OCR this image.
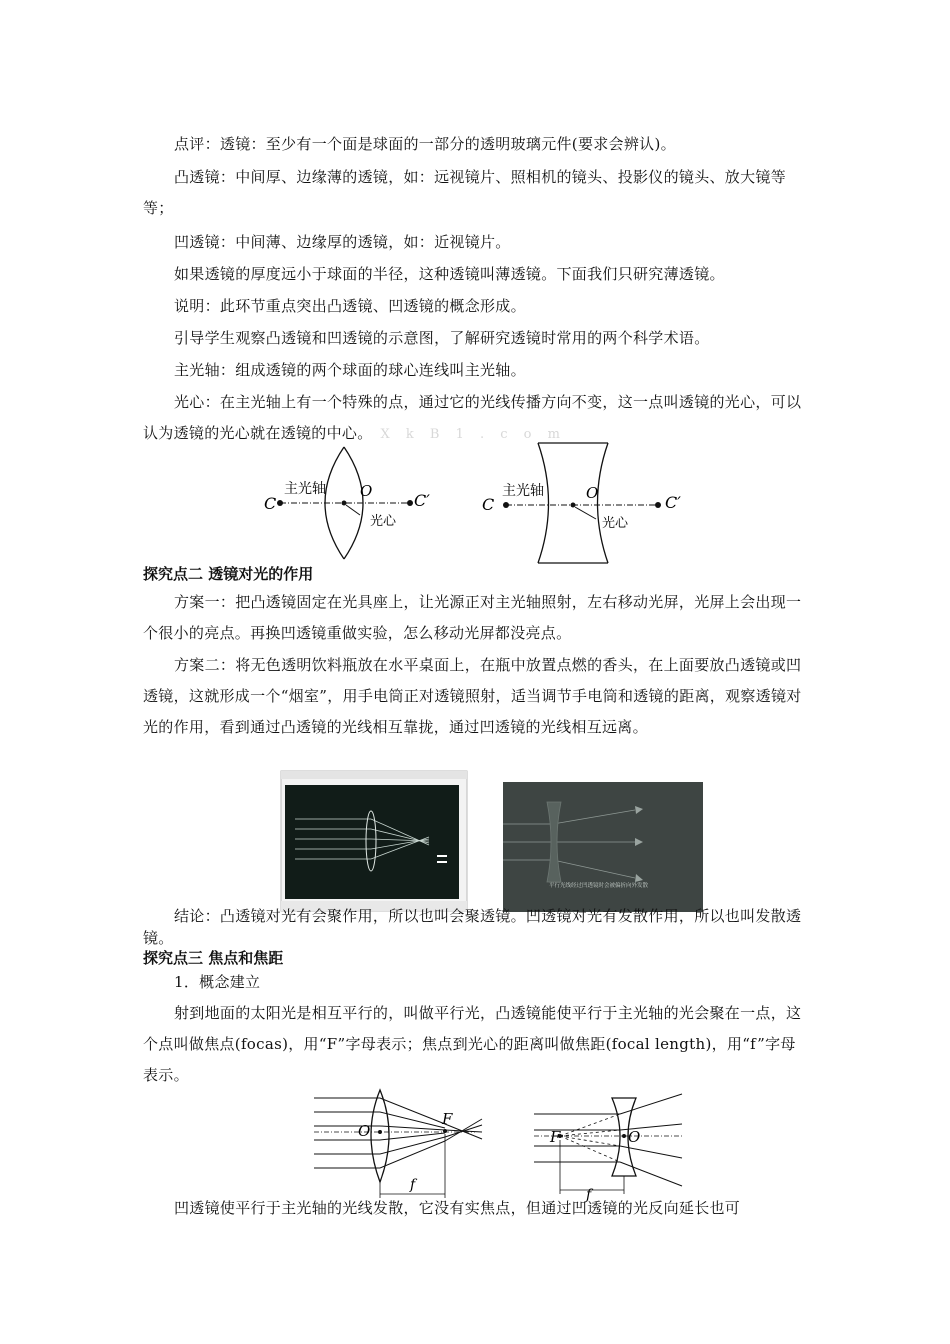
点评：透镜：至少有一个面是球面的一部分的透明玻璃元件(要求会辨认)。

凸透镜：中间厚、边缘薄的透镜，如：远视镜片、照相机的镜头、投影仪的镜头、放大镜等等；

凹透镜：中间薄、边缘厚的透镜，如：近视镜片。

如果透镜的厚度远小于球面的半径，这种透镜叫薄透镜。下面我们只研究薄透镜。

说明：此环节重点突出凸透镜、凹透镜的概念形成。

引导学生观察凸透镜和凹透镜的示意图，了解研究透镜时常用的两个科学术语。

主光轴：组成透镜的两个球面的球心连线叫主光轴。

光心：在主光轴上有一个特殊的点，通过它的光线传播方向不变，这一点叫透镜的光心，可以认为透镜的光心就在透镜的中心。 X k B 1 . c o m

C	C′
主光轴 O
光心
C	C′
主光轴	O
光心
探究点二 透镜对光的作用

方案一：把凸透镜固定在光具座上，让光源正对主光轴照射，左右移动光屏，光屏上会出现一个很小的亮点。再换凹透镜重做实验，怎么移动光屏都没亮点。

方案二：将无色透明饮料瓶放在水平桌面上，在瓶中放置点燃的香头，在上面要放凸透镜或凹透镜，这就形成一个“烟室”，用手电筒正对透镜照射，适当调节手电筒和透镜的距离，观察透镜对光的作用，看到通过凸透镜的光线相互靠拢，通过凹透镜的光线相互远离。

平行光线经过凹透镜时会被偏折向外发散

结论：凸透镜对光有会聚作用，所以也叫会聚透镜。凹透镜对光有发散作用，所以也叫发散透镜。

探究点三 焦点和焦距

1．概念建立

射到地面的太阳光是相互平行的，叫做平行光，凸透镜能使平行于主光轴的光会聚在一点，这个点叫做焦点(focas)，用“F”字母表示；焦点到光心的距离叫做焦距(focal length)，用“f”字母表示。

O
F
f
F	O
f

凹透镜使平行于主光轴的光线发散，它没有实焦点，但通过凹透镜的光反向延长也可
